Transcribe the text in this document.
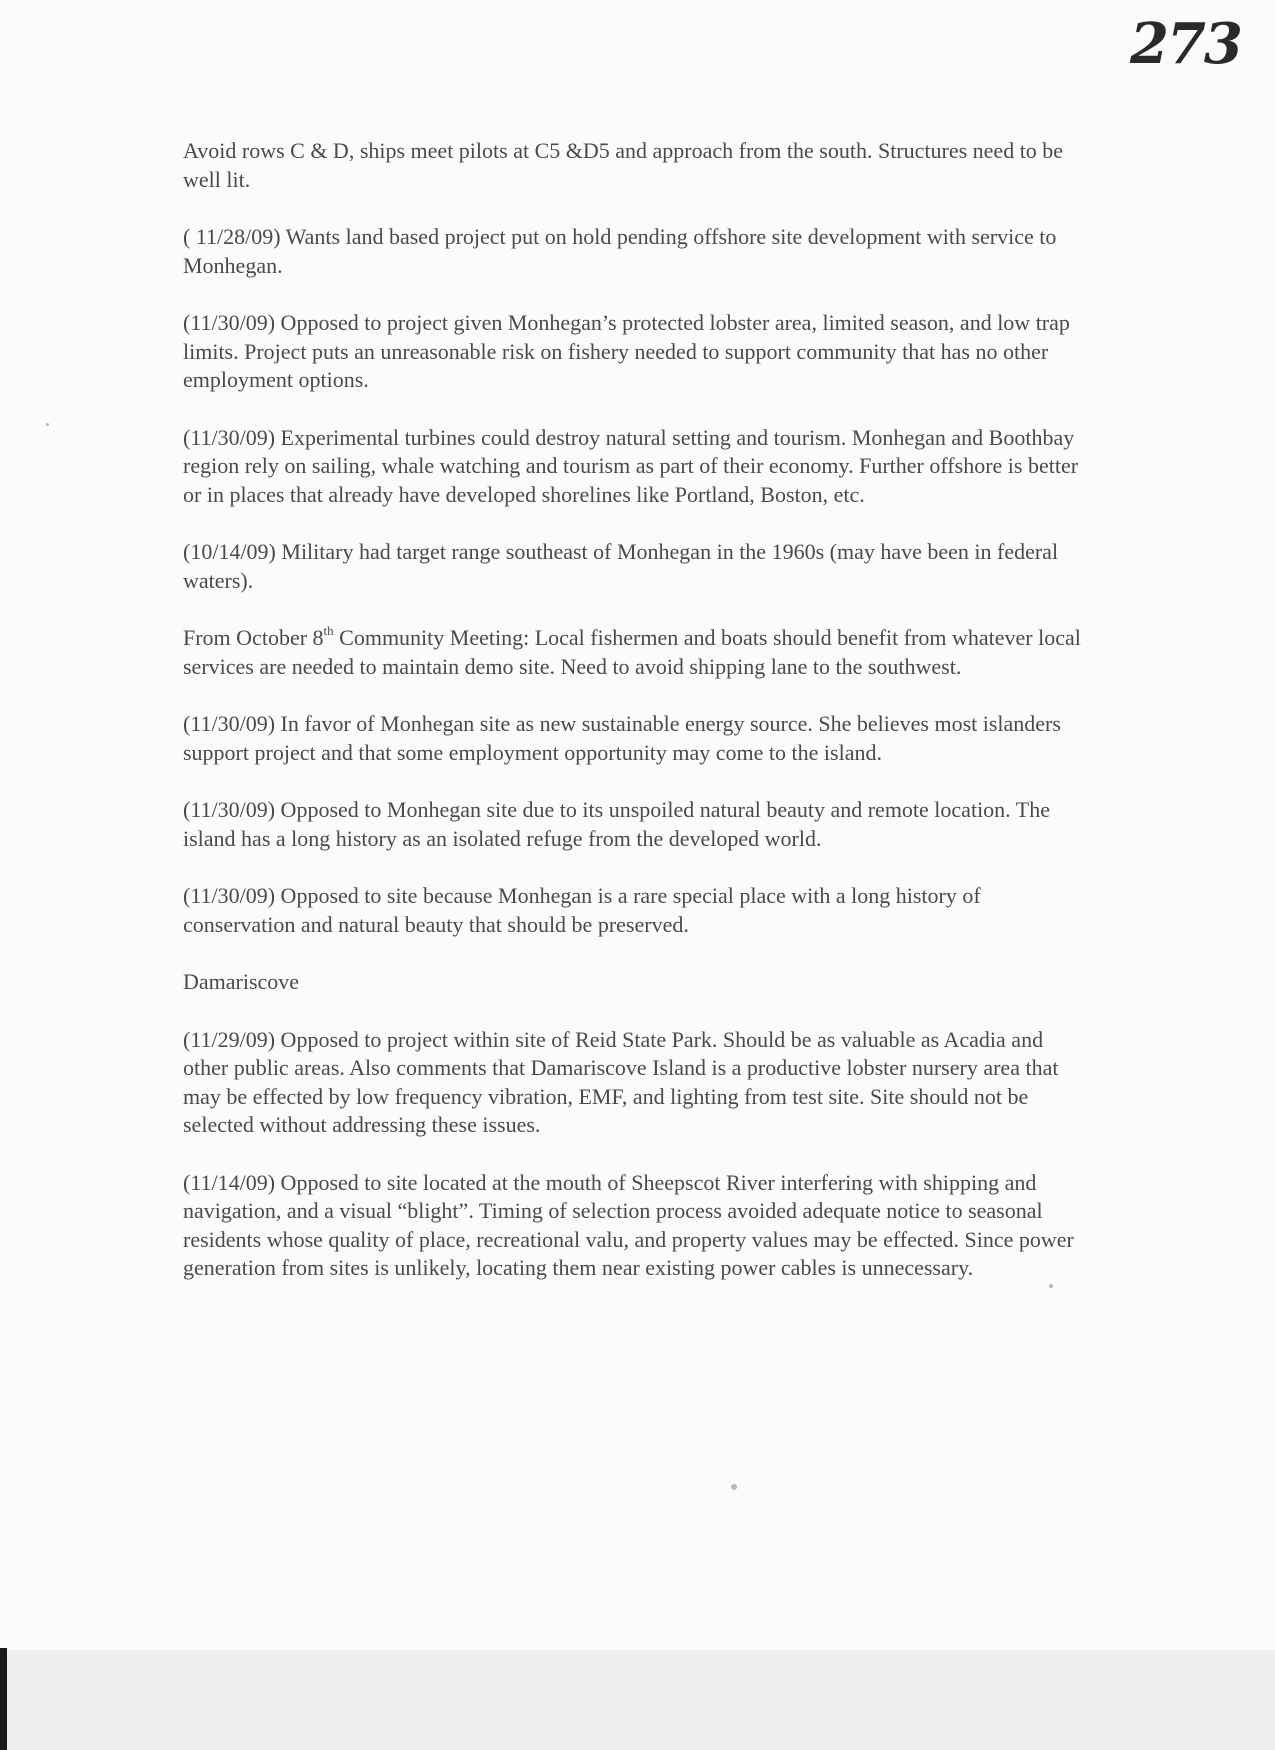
273

Avoid rows C & D, ships meet pilots at C5 &D5 and approach from the south. Structures need to be well lit.

( 11/28/09) Wants land based project put on hold pending offshore site development with service to Monhegan.

(11/30/09) Opposed to project given Monhegan’s protected lobster area, limited season, and low trap limits. Project puts an unreasonable risk on fishery needed to support community that has no other employment options.

(11/30/09) Experimental turbines could destroy natural setting and tourism. Monhegan and Boothbay region rely on sailing, whale watching and tourism as part of their economy. Further offshore is better or in places that already have developed shorelines like Portland, Boston, etc.

(10/14/09) Military had target range southeast of Monhegan in the 1960s (may have been in federal waters).

From October 8th Community Meeting: Local fishermen and boats should benefit from whatever local services are needed to maintain demo site. Need to avoid shipping lane to the southwest.

(11/30/09) In favor of Monhegan site as new sustainable energy source. She believes most islanders support project and that some employment opportunity may come to the island.

(11/30/09) Opposed to Monhegan site due to its unspoiled natural beauty and remote location. The island has a long history as an isolated refuge from the developed world.

(11/30/09) Opposed to site because Monhegan is a rare special place with a long history of conservation and natural beauty that should be preserved.

Damariscove

(11/29/09) Opposed to project within site of Reid State Park. Should be as valuable as Acadia and other public areas. Also comments that Damariscove Island is a productive lobster nursery area that may be effected by low frequency vibration, EMF, and lighting from test site. Site should not be selected without addressing these issues.

(11/14/09) Opposed to site located at the mouth of Sheepscot River interfering with shipping and navigation, and a visual “blight”. Timing of selection process avoided adequate notice to seasonal residents whose quality of place, recreational valu, and property values may be effected. Since power generation from sites is unlikely, locating them near existing power cables is unnecessary.
